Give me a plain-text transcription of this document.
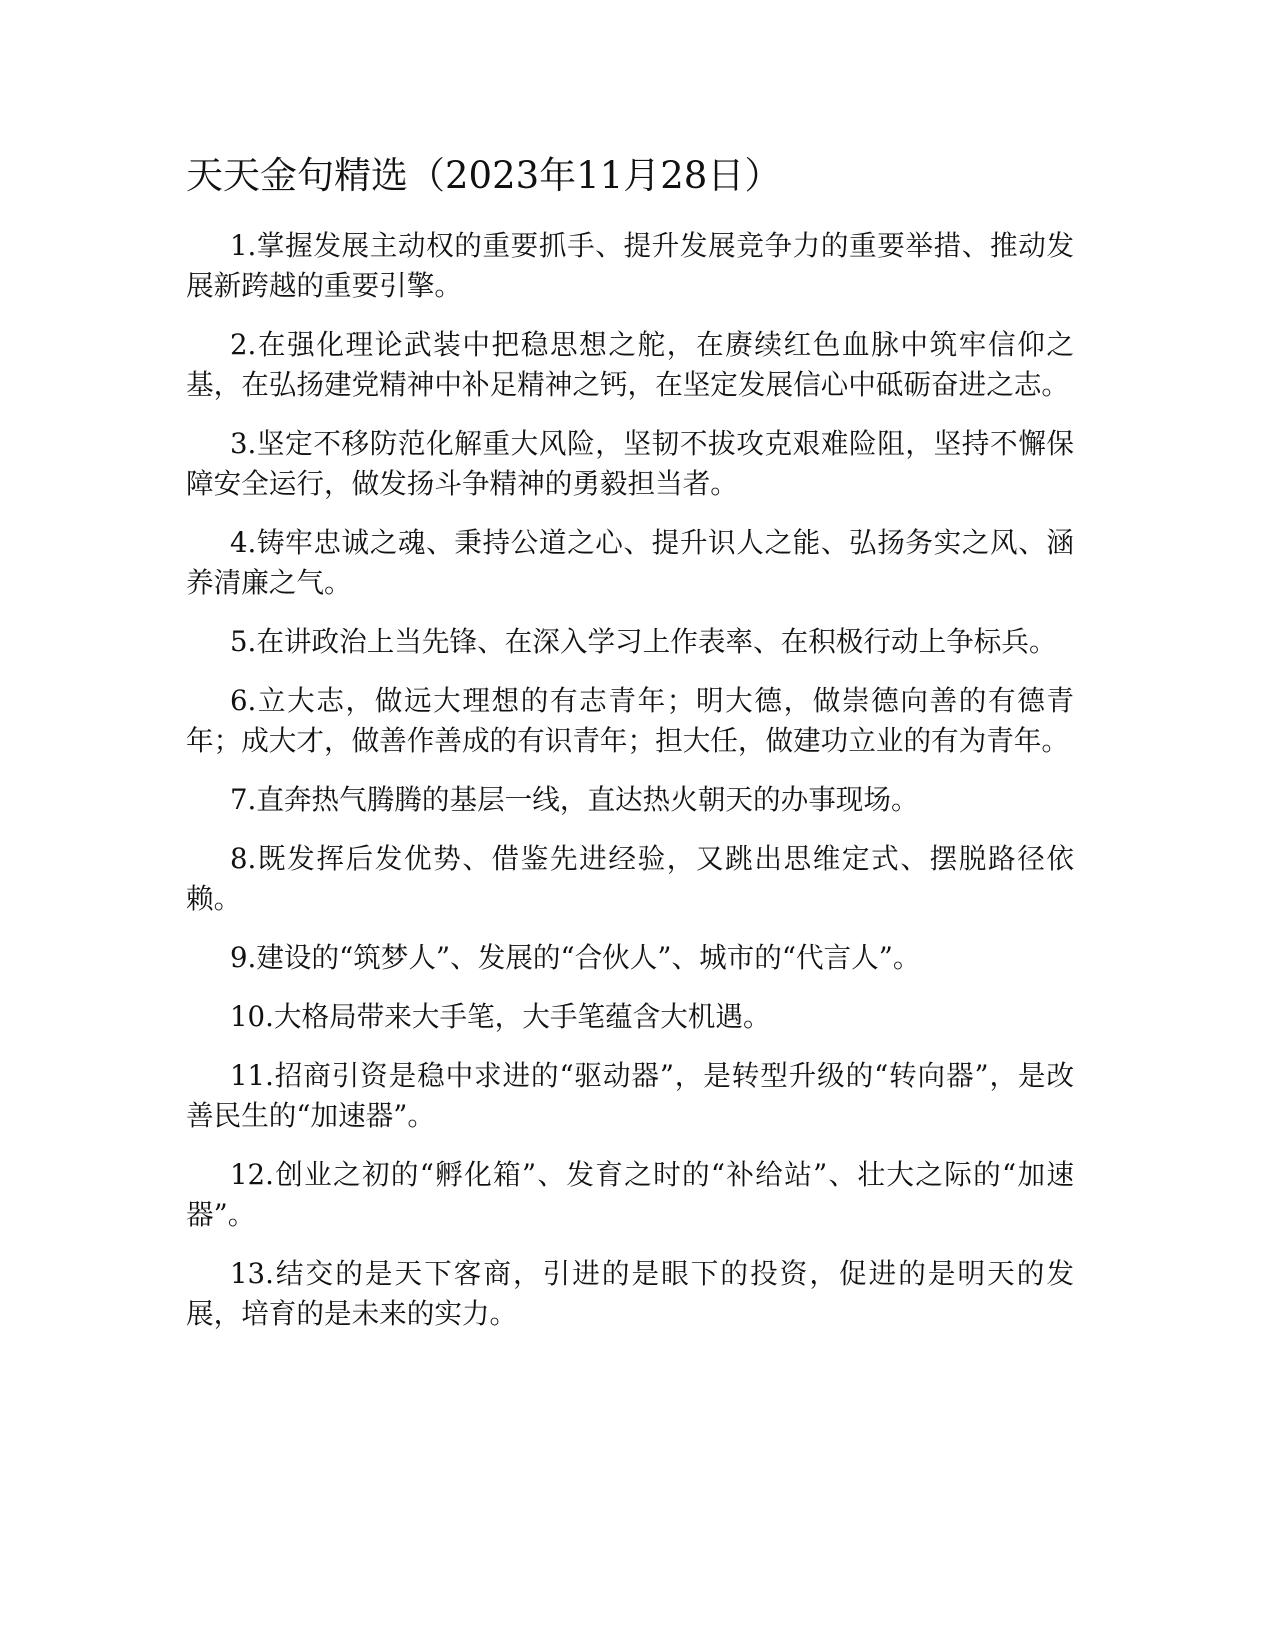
天天金句精选（2023年11月28日）

1.掌握发展主动权的重要抓手、提升发展竞争力的重要举措、推动发展新跨越的重要引擎。

2.在强化理论武装中把稳思想之舵，在赓续红色血脉中筑牢信仰之基，在弘扬建党精神中补足精神之钙，在坚定发展信心中砥砺奋进之志。

3.坚定不移防范化解重大风险，坚韧不拔攻克艰难险阻，坚持不懈保障安全运行，做发扬斗争精神的勇毅担当者。

4.铸牢忠诚之魂、秉持公道之心、提升识人之能、弘扬务实之风、涵养清廉之气。

5.在讲政治上当先锋、在深入学习上作表率、在积极行动上争标兵。

6.立大志，做远大理想的有志青年；明大德，做崇德向善的有德青年；成大才，做善作善成的有识青年；担大任，做建功立业的有为青年。

7.直奔热气腾腾的基层一线，直达热火朝天的办事现场。

8.既发挥后发优势、借鉴先进经验，又跳出思维定式、摆脱路径依赖。

9.建设的“筑梦人”、发展的“合伙人”、城市的“代言人”。

10.大格局带来大手笔，大手笔蕴含大机遇。

11.招商引资是稳中求进的“驱动器”，是转型升级的“转向器”，是改善民生的“加速器”。

12.创业之初的“孵化箱”、发育之时的“补给站”、壮大之际的“加速器”。

13.结交的是天下客商，引进的是眼下的投资，促进的是明天的发展，培育的是未来的实力。
